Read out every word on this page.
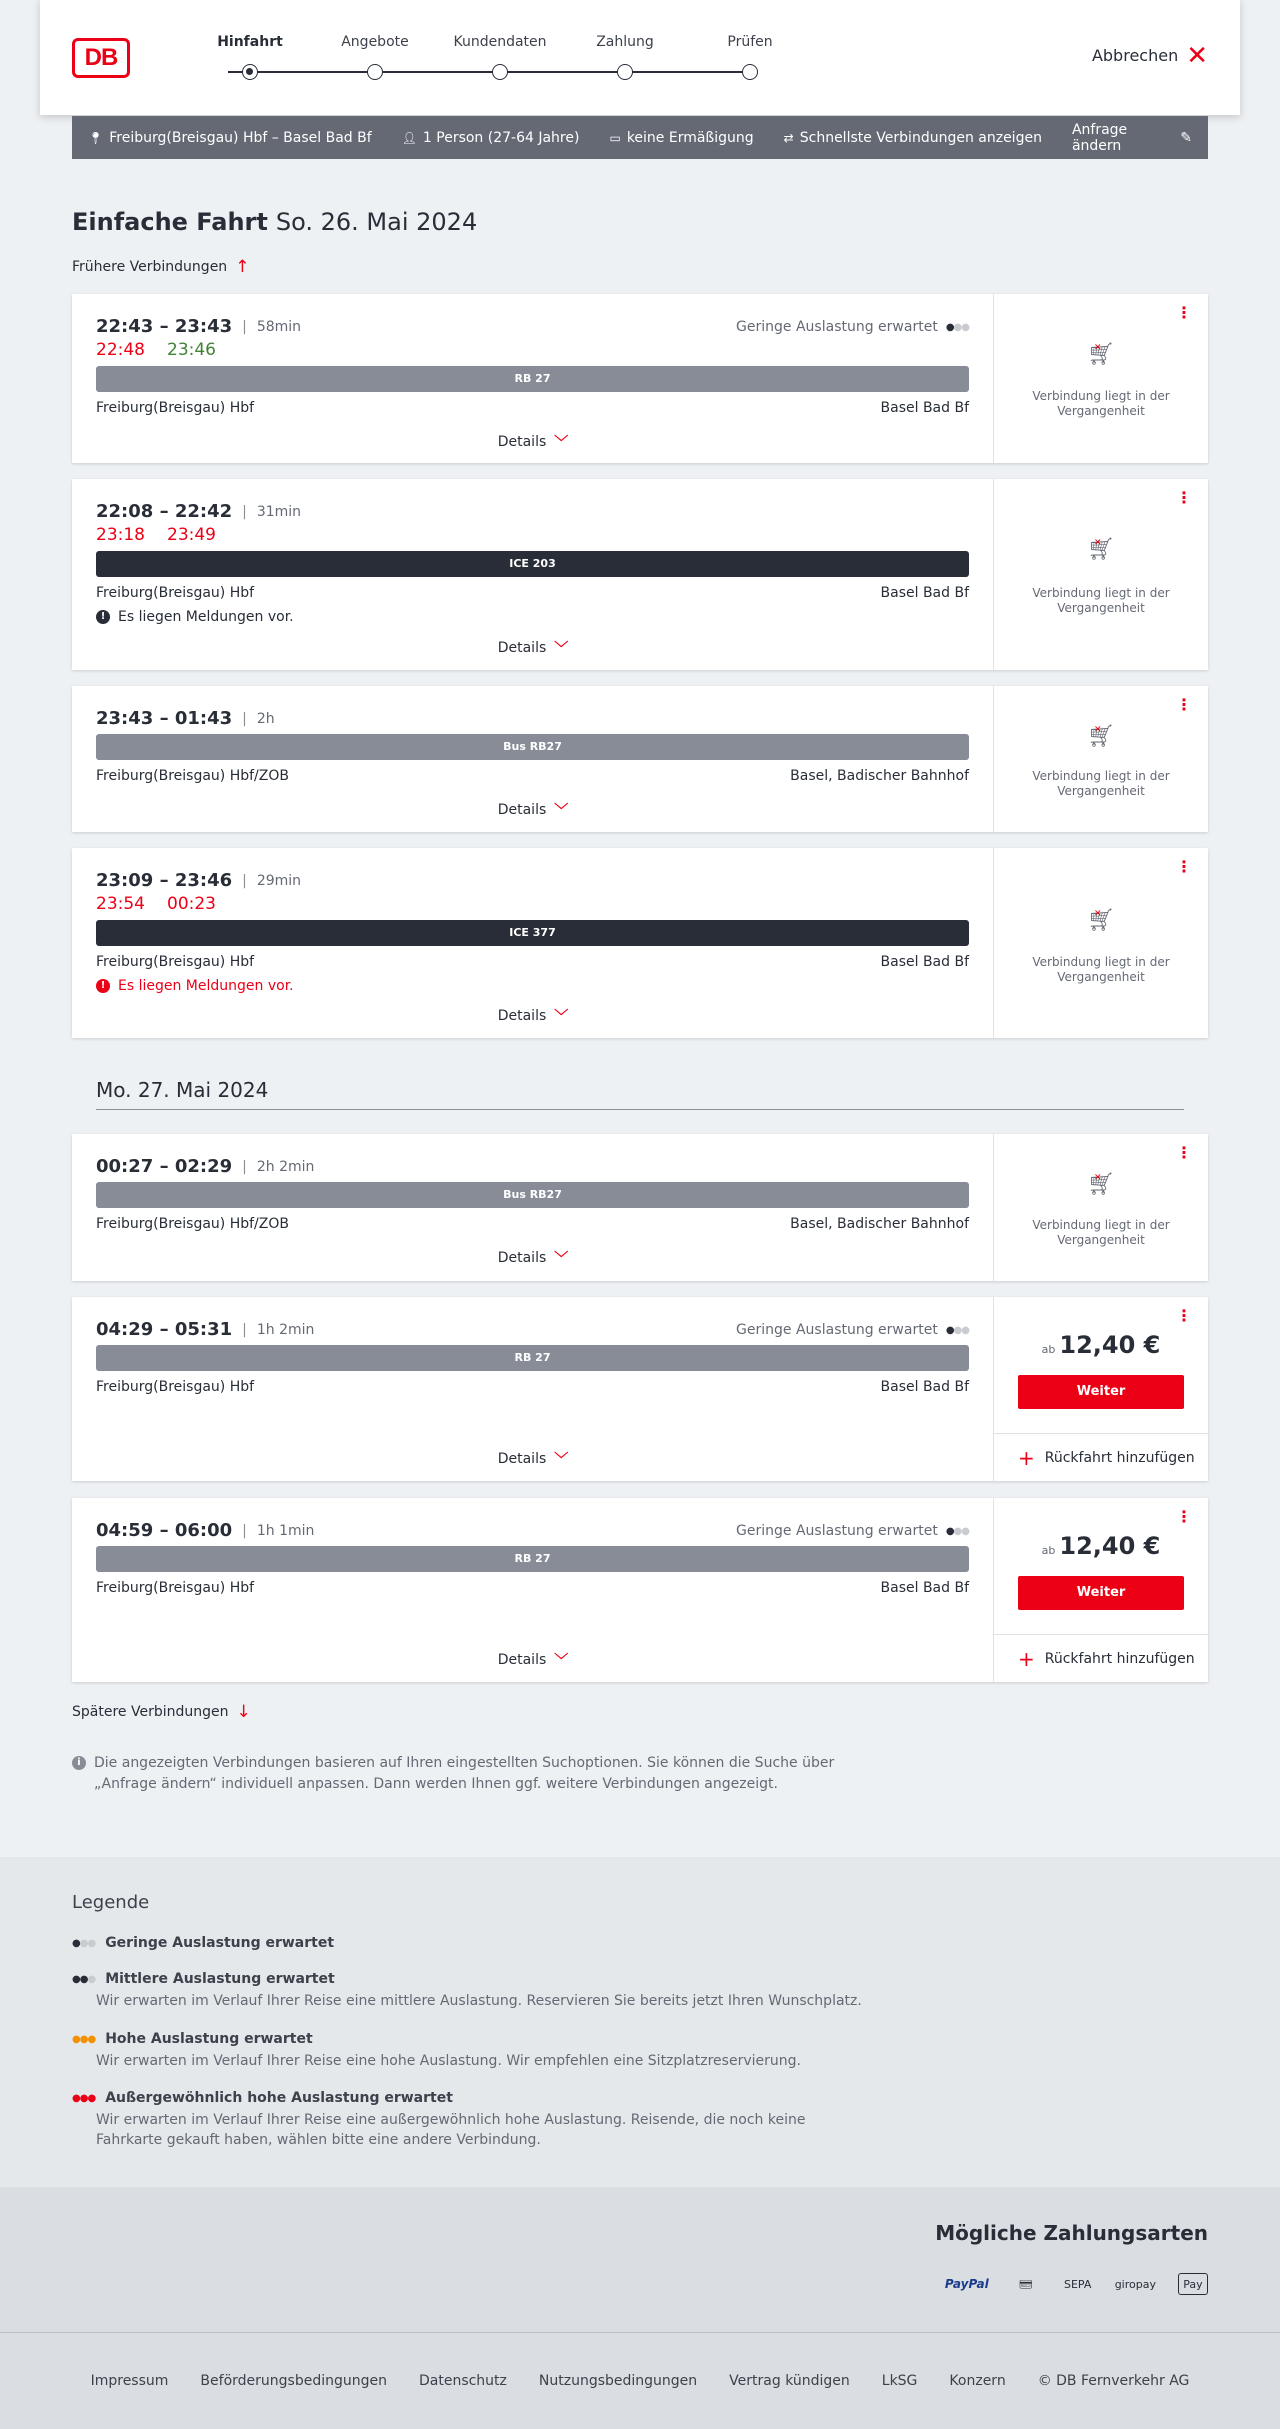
DB
Hinfahrt	Angebote	Kundendaten	Zahlung	Prüfen
Abbrechen ✕
📍︎ Freiburg(Breisgau) Hbf – Basel Bad Bf	👤︎ 1 Person (27-64 Jahre)	▭ keine Ermäßigung	⇄ Schnellste Verbindungen anzeigen Anfrage ändern	✎
Einfache Fahrt So. 26. Mai 2024
Frühere Verbindungen ↑
22:43 – 23:43 | 58min
22:48 23:46
Geringe Auslastung erwartet ●●●
RB 27
Freiburg(Breisgau) Hbf	Basel Bad Bf
Details ﹀
⋮
🛒︎ ✕
Verbindung liegt in der Vergangenheit
22:08 – 22:42 | 31min
23:18 23:49
ICE 203
Freiburg(Breisgau) Hbf	Basel Bad Bf
! Es liegen Meldungen vor.
Details ﹀
⋮
🛒︎ ✕
Verbindung liegt in der Vergangenheit
23:43 – 01:43 | 2h
Bus RB27
Freiburg(Breisgau) Hbf/ZOB	Basel, Badischer Bahnhof
Details ﹀
⋮
🛒︎ ✕
Verbindung liegt in der Vergangenheit
23:09 – 23:46 | 29min
23:54 00:23
ICE 377
Freiburg(Breisgau) Hbf	Basel Bad Bf
! Es liegen Meldungen vor.
Details ﹀
⋮
🛒︎ ✕
Verbindung liegt in der Vergangenheit
Mo. 27. Mai 2024
00:27 – 02:29 | 2h 2min
Bus RB27
Freiburg(Breisgau) Hbf/ZOB	Basel, Badischer Bahnhof
Details ﹀
⋮
🛒︎ ✕
Verbindung liegt in der Vergangenheit
04:29 – 05:31 | 1h 2min	Geringe Auslastung erwartet ●●●
RB 27
Freiburg(Breisgau) Hbf	Basel Bad Bf
Details ﹀
⋮
ab 12,40 €
Weiter
+ Rückfahrt hinzufügen
04:59 – 06:00 | 1h 1min	Geringe Auslastung erwartet ●●●
RB 27
Freiburg(Breisgau) Hbf	Basel Bad Bf
Details ﹀
⋮
ab 12,40 €
Weiter
+ Rückfahrt hinzufügen
Spätere Verbindungen ↓
i Die angezeigten Verbindungen basieren auf Ihren eingestellten Suchoptionen. Sie können die Suche über „Anfrage ändern“ individuell anpassen. Dann werden Ihnen ggf. weitere Verbindungen angezeigt.
Legende
●●● Geringe Auslastung erwartet
●●● Mittlere Auslastung erwartet
Wir erwarten im Verlauf Ihrer Reise eine mittlere Auslastung. Reservieren Sie bereits jetzt Ihren Wunschplatz.
●●● Hohe Auslastung erwartet
Wir erwarten im Verlauf Ihrer Reise eine hohe Auslastung. Wir empfehlen eine Sitzplatzreservierung.
●●● Außergewöhnlich hohe Auslastung erwartet
Wir erwarten im Verlauf Ihrer Reise eine außergewöhnlich hohe Auslastung. Reisende, die noch keine Fahrkarte gekauft haben, wählen bitte eine andere Verbindung.
Mögliche Zahlungsarten
PayPal	💳︎	SEPA giropay	Pay
Impressum Beförderungsbedingungen Datenschutz Nutzungsbedingungen Vertrag kündigen LkSG Konzern © DB Fernverkehr AG
